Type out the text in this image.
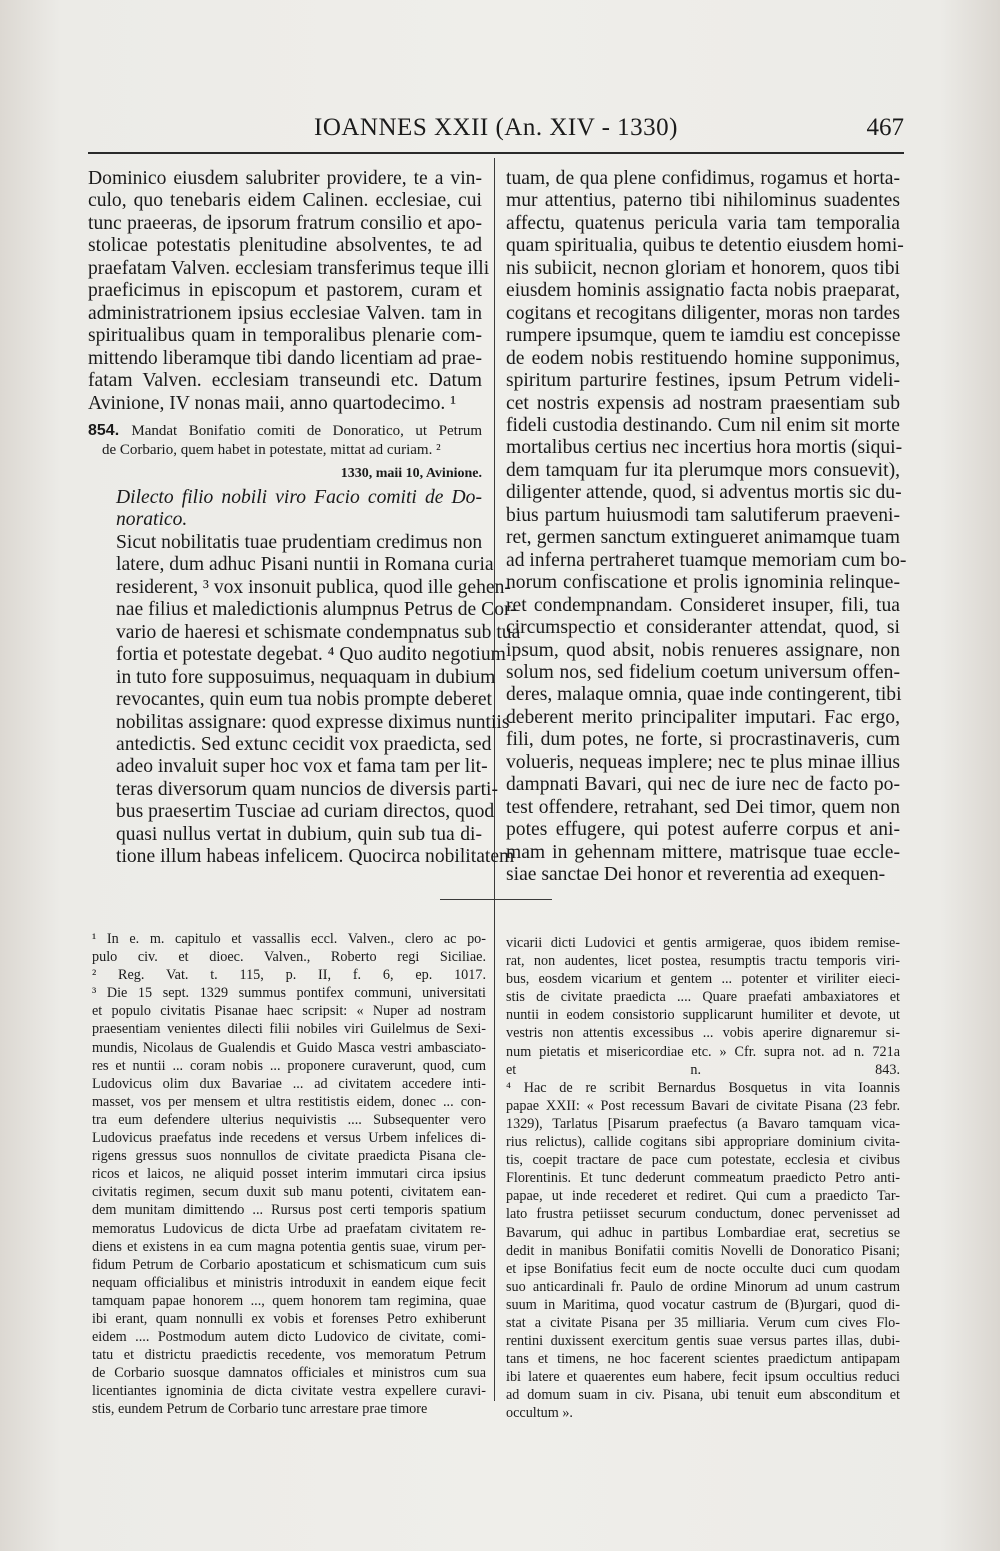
IOANNES XXII (An. XIV - 1330)	467

Dominico eiusdem salubriter providere, te a vin-
culo, quo tenebaris eidem Calinen. ecclesiae, cui
tunc praeeras, de ipsorum fratrum consilio et apo-
stolicae potestatis plenitudine absolventes, te ad
praefatam Valven. ecclesiam transferimus teque illi
praeficimus in episcopum et pastorem, curam et
administratrionem ipsius ecclesiae Valven. tam in
spiritualibus quam in temporalibus plenarie com-
mittendo liberamque tibi dando licentiam ad prae-
fatam Valven. ecclesiam transeundi etc. Datum
Avinione, IV nonas maii, anno quartodecimo. ¹

854. Mandat Bonifatio comiti de Donoratico, ut Petrum
de Corbario, quem habet in potestate, mittat ad curiam. ²
1330, maii 10, Avinione.

Dilecto filio nobili viro Facio comiti de Do-
noratico.

Sicut nobilitatis tuae prudentiam credimus non
latere, dum adhuc Pisani nuntii in Romana curia
residerent, ³ vox insonuit publica, quod ille gehen-
nae filius et maledictionis alumpnus Petrus de Cor-
vario de haeresi et schismate condempnatus sub tua
fortia et potestate degebat. ⁴ Quo audito negotium
in tuto fore supposuimus, nequaquam in dubium
revocantes, quin eum tua nobis prompte deberet
nobilitas assignare: quod expresse diximus nuntiis
antedictis. Sed extunc cecidit vox praedicta, sed
adeo invaluit super hoc vox et fama tam per lit-
teras diversorum quam nuncios de diversis parti-
bus praesertim Tusciae ad curiam directos, quod
quasi nullus vertat in dubium, quin sub tua di-
tione illum habeas infelicem. Quocirca nobilitatem

tuam, de qua plene confidimus, rogamus et horta-
mur attentius, paterno tibi nihilominus suadentes
affectu, quatenus pericula varia tam temporalia
quam spiritualia, quibus te detentio eiusdem homi-
nis subiicit, necnon gloriam et honorem, quos tibi
eiusdem hominis assignatio facta nobis praeparat,
cogitans et recogitans diligenter, moras non tardes
rumpere ipsumque, quem te iamdiu est concepisse
de eodem nobis restituendo homine supponimus,
spiritum parturire festines, ipsum Petrum videli-
cet nostris expensis ad nostram praesentiam sub
fideli custodia destinando. Cum nil enim sit morte
mortalibus certius nec incertius hora mortis (siqui-
dem tamquam fur ita plerumque mors consuevit),
diligenter attende, quod, si adventus mortis sic du-
bius partum huiusmodi tam salutiferum praeveni-
ret, germen sanctum extingueret animamque tuam
ad inferna pertraheret tuamque memoriam cum bo-
norum confiscatione et prolis ignominia relinque-
ret condempnandam. Consideret insuper, fili, tua
circumspectio et consideranter attendat, quod, si
ipsum, quod absit, nobis renueres assignare, non
solum nos, sed fidelium coetum universum offen-
deres, malaque omnia, quae inde contingerent, tibi
deberent merito principaliter imputari. Fac ergo,
fili, dum potes, ne forte, si procrastinaveris, cum
volueris, nequeas implere; nec te plus minae illius
dampnati Bavari, qui nec de iure nec de facto po-
test offendere, retrahant, sed Dei timor, quem non
potes effugere, qui potest auferre corpus et ani-
mam in gehennam mittere, matrisque tuae eccle-
siae sanctae Dei honor et reverentia ad exequen-

¹ In e. m. capitulo et vassallis eccl. Valven., clero ac po-
pulo civ. et dioec. Valven., Roberto regi Siciliae.
² Reg. Vat. t. 115, p. II, f. 6, ep. 1017.
³ Die 15 sept. 1329 summus pontifex communi, universitati
et populo civitatis Pisanae haec scripsit: « Nuper ad nostram
praesentiam venientes dilecti filii nobiles viri Guilelmus de Sexi-
mundis, Nicolaus de Gualendis et Guido Masca vestri ambasciato-
res et nuntii ... coram nobis ... proponere curaverunt, quod, cum
Ludovicus olim dux Bavariae ... ad civitatem accedere inti-
masset, vos per mensem et ultra restitistis eidem, donec ... con-
tra eum defendere ulterius nequivistis .... Subsequenter vero
Ludovicus praefatus inde recedens et versus Urbem infelices di-
rigens gressus suos nonnullos de civitate praedicta Pisana cle-
ricos et laicos, ne aliquid posset interim immutari circa ipsius
civitatis regimen, secum duxit sub manu potenti, civitatem ean-
dem munitam dimittendo ... Rursus post certi temporis spatium
memoratus Ludovicus de dicta Urbe ad praefatam civitatem re-
diens et existens in ea cum magna potentia gentis suae, virum per-
fidum Petrum de Corbario apostaticum et schismaticum cum suis
nequam officialibus et ministris introduxit in eandem eique fecit
tamquam papae honorem ..., quem honorem tam regimina, quae
ibi erant, quam nonnulli ex vobis et forenses Petro exhiberunt
eidem .... Postmodum autem dicto Ludovico de civitate, comi-
tatu et districtu praedictis recedente, vos memoratum Petrum
de Corbario suosque damnatos officiales et ministros cum sua
licentiantes ignominia de dicta civitate vestra expellere curavi-
stis, eundem Petrum de Corbario tunc arrestare prae timore

vicarii dicti Ludovici et gentis armigerae, quos ibidem remise-
rat, non audentes, licet postea, resumptis tractu temporis viri-
bus, eosdem vicarium et gentem ... potenter et viriliter eieci-
stis de civitate praedicta .... Quare praefati ambaxiatores et
nuntii in eodem consistorio supplicarunt humiliter et devote, ut
vestris non attentis excessibus ... vobis aperire dignaremur si-
num pietatis et misericordiae etc. » Cfr. supra not. ad n. 721a
et n. 843.
⁴ Hac de re scribit Bernardus Bosquetus in vita Ioannis
papae XXII: « Post recessum Bavari de civitate Pisana (23 febr.
1329), Tarlatus [Pisarum praefectus (a Bavaro tamquam vica-
rius relictus), callide cogitans sibi appropriare dominium civita-
tis, coepit tractare de pace cum potestate, ecclesia et civibus
Florentinis. Et tunc dederunt commeatum praedicto Petro anti-
papae, ut inde recederet et rediret. Qui cum a praedicto Tar-
lato frustra petiisset securum conductum, donec pervenisset ad
Bavarum, qui adhuc in partibus Lombardiae erat, secretius se
dedit in manibus Bonifatii comitis Novelli de Donoratico Pisani;
et ipse Bonifatius fecit eum de nocte occulte duci cum quodam
suo anticardinali fr. Paulo de ordine Minorum ad unum castrum
suum in Maritima, quod vocatur castrum de (B)urgari, quod di-
stat a civitate Pisana per 35 milliaria. Verum cum cives Flo-
rentini duxissent exercitum gentis suae versus partes illas, dubi-
tans et timens, ne hoc facerent scientes praedictum antipapam
ibi latere et quaerentes eum habere, fecit ipsum occultius reduci
ad domum suam in civ. Pisana, ubi tenuit eum absconditum et
occultum ».
